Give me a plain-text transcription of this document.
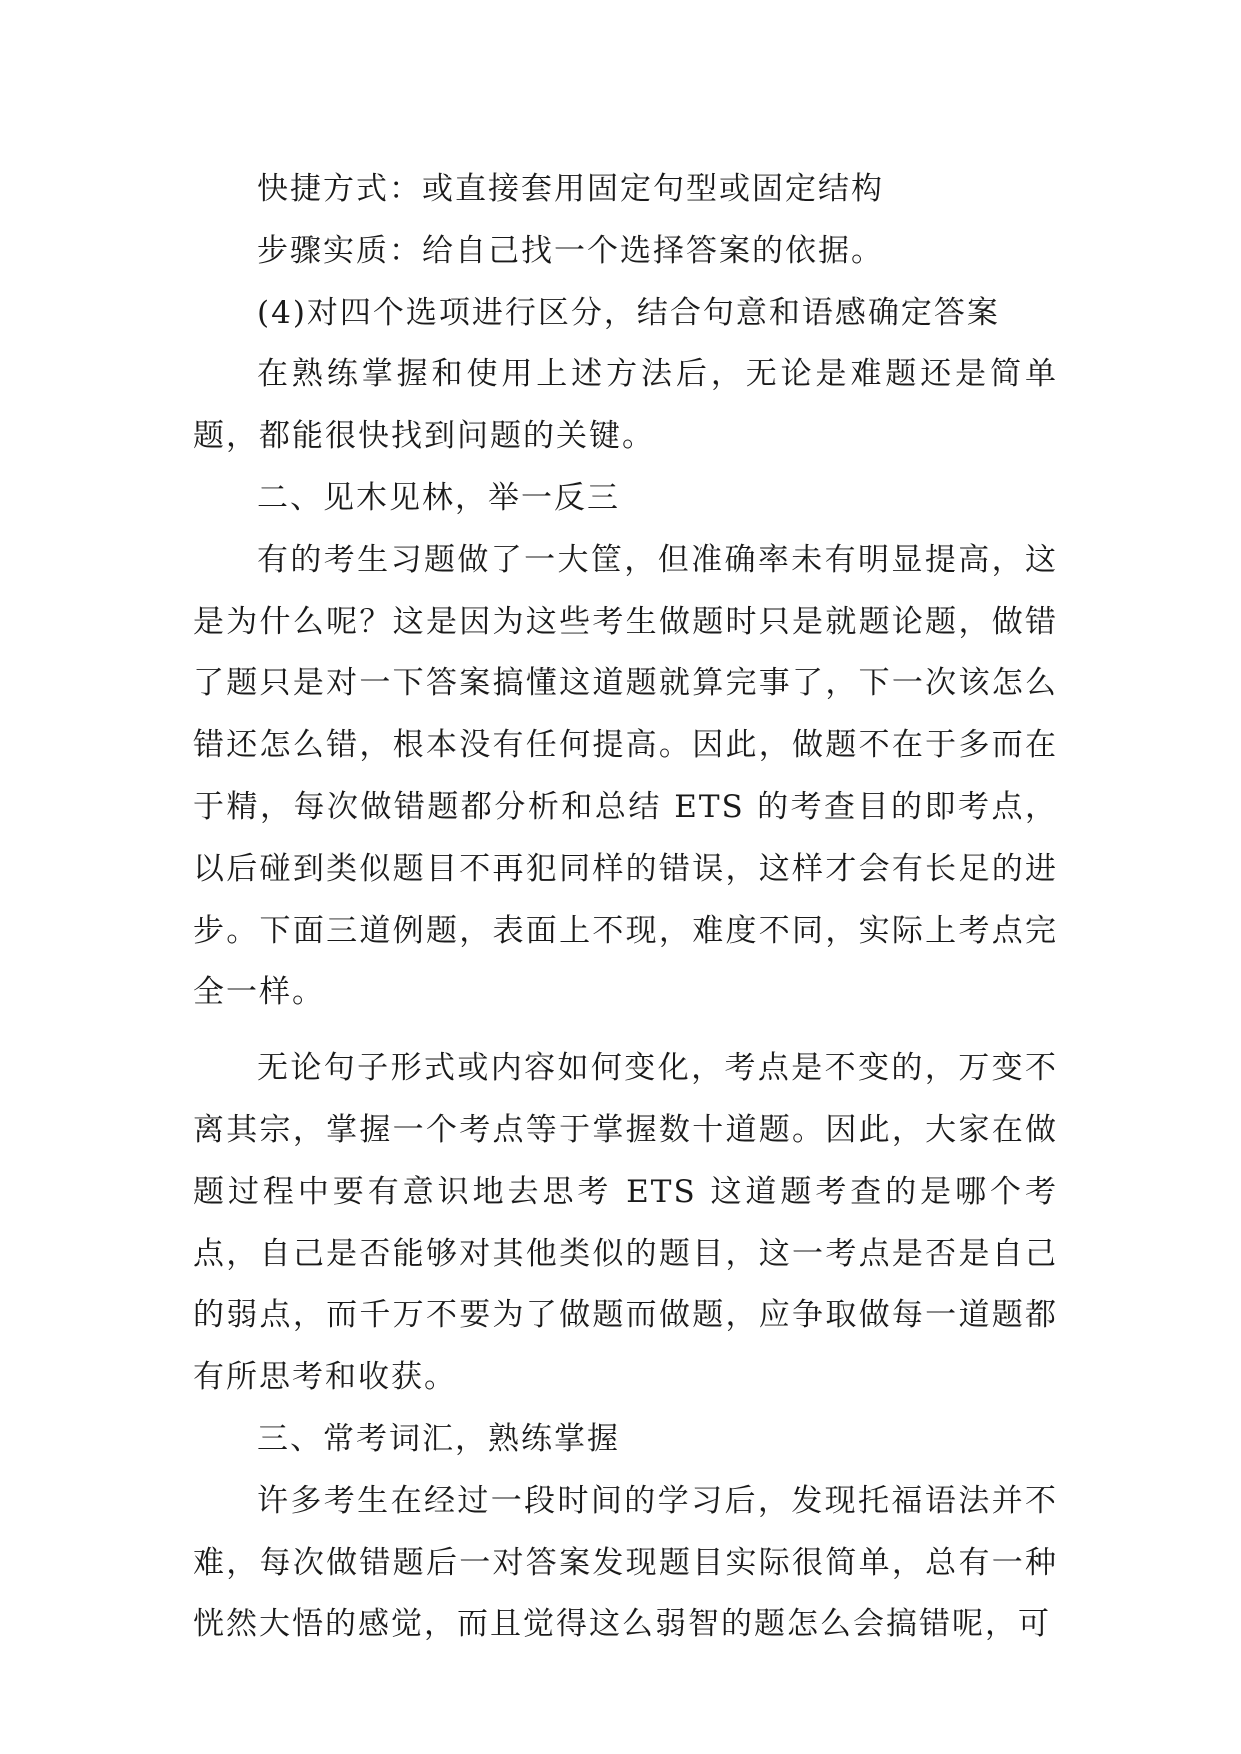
快捷方式：或直接套用固定句型或固定结构

步骤实质：给自己找一个选择答案的依据。

(4)对四个选项进行区分，结合句意和语感确定答案

在熟练掌握和使用上述方法后，无论是难题还是简单题，都能很快找到问题的关键。

二、见木见林，举一反三

有的考生习题做了一大筐，但准确率未有明显提高，这是为什么呢？这是因为这些考生做题时只是就题论题，做错了题只是对一下答案搞懂这道题就算完事了，下一次该怎么错还怎么错，根本没有任何提高。因此，做题不在于多而在于精，每次做错题都分析和总结 ETS 的考查目的即考点，以后碰到类似题目不再犯同样的错误，这样才会有长足的进步。下面三道例题，表面上不现，难度不同，实际上考点完全一样。

无论句子形式或内容如何变化，考点是不变的，万变不离其宗，掌握一个考点等于掌握数十道题。因此，大家在做题过程中要有意识地去思考 ETS 这道题考查的是哪个考点，自己是否能够对其他类似的题目，这一考点是否是自己的弱点，而千万不要为了做题而做题，应争取做每一道题都有所思考和收获。

三、常考词汇，熟练掌握

许多考生在经过一段时间的学习后，发现托福语法并不难，每次做错题后一对答案发现题目实际很简单，总有一种恍然大悟的感觉，而且觉得这么弱智的题怎么会搞错呢，可
